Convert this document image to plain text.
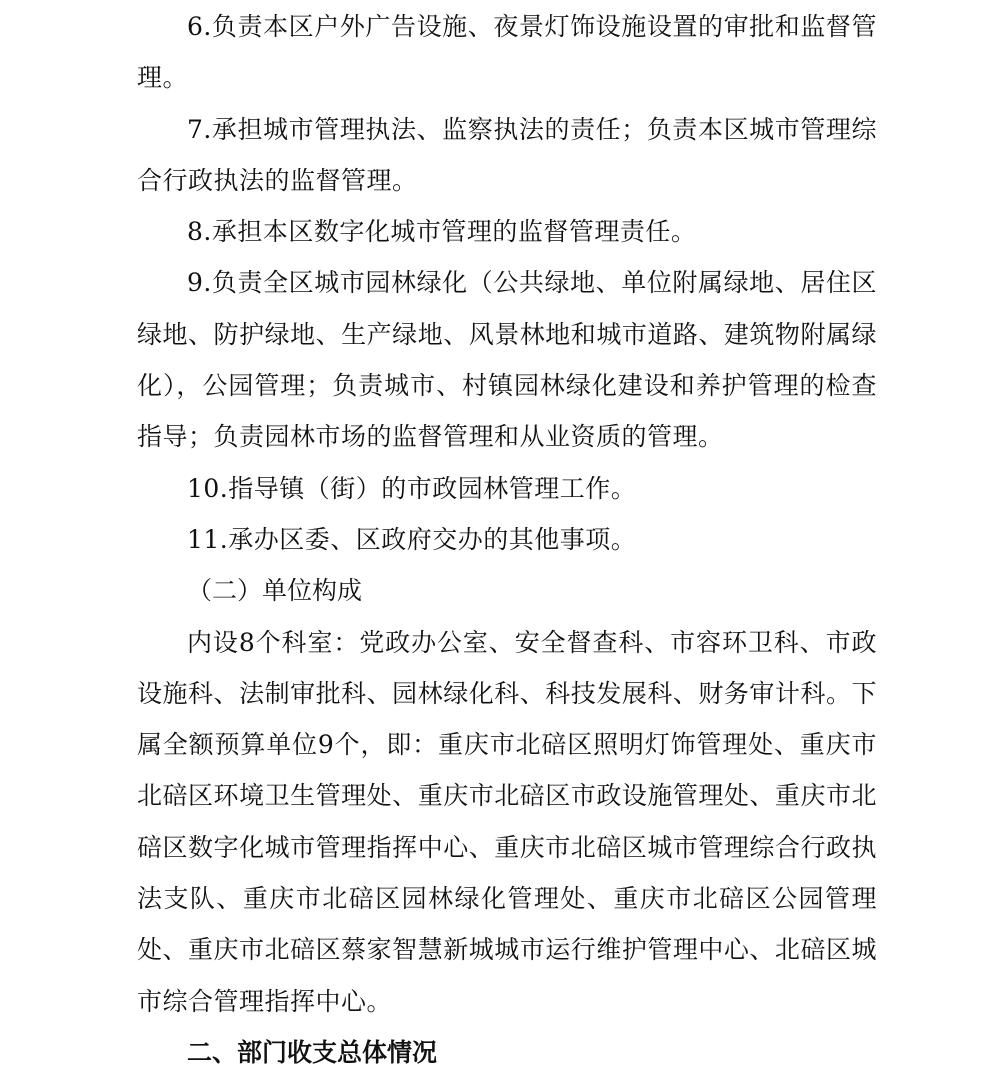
6.负责本区户外广告设施、夜景灯饰设施设置的审批和监督管理。

7.承担城市管理执法、监察执法的责任；负责本区城市管理综合行政执法的监督管理。

8.承担本区数字化城市管理的监督管理责任。

9.负责全区城市园林绿化（公共绿地、单位附属绿地、居住区绿地、防护绿地、生产绿地、风景林地和城市道路、建筑物附属绿化），公园管理；负责城市、村镇园林绿化建设和养护管理的检查指导；负责园林市场的监督管理和从业资质的管理。

10.指导镇（街）的市政园林管理工作。

11.承办区委、区政府交办的其他事项。

（二）单位构成

内设8个科室：党政办公室、安全督查科、市容环卫科、市政设施科、法制审批科、园林绿化科、科技发展科、财务审计科。下属全额预算单位9个，即：重庆市北碚区照明灯饰管理处、重庆市北碚区环境卫生管理处、重庆市北碚区市政设施管理处、重庆市北碚区数字化城市管理指挥中心、重庆市北碚区城市管理综合行政执法支队、重庆市北碚区园林绿化管理处、重庆市北碚区公园管理处、重庆市北碚区蔡家智慧新城城市运行维护管理中心、北碚区城市综合管理指挥中心。

二、部门收支总体情况
